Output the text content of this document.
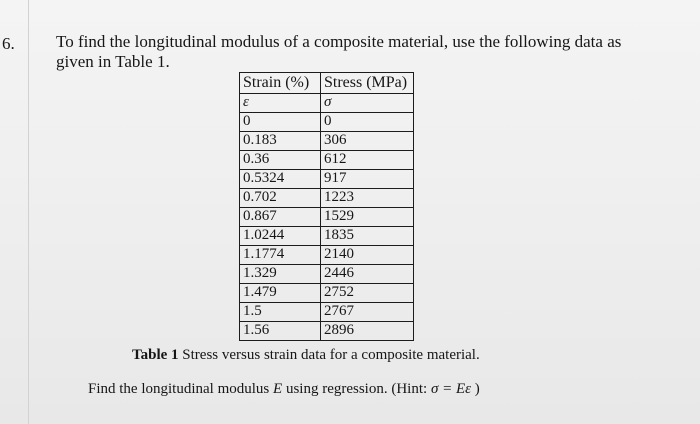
6. To find the longitudinal modulus of a composite material, use the following data as
given in Table 1.
Strain (%)	Stress (MPa)
ε	σ
0	0
0.183	306
0.36	612
0.5324	917
0.702	1223
0.867	1529
1.0244	1835
1.1774	2140
1.329	2446
1.479	2752
1.5	2767
1.56	2896
Table 1 Stress versus strain data for a composite material.
Find the longitudinal modulus E using regression. (Hint: σ = Eε )
